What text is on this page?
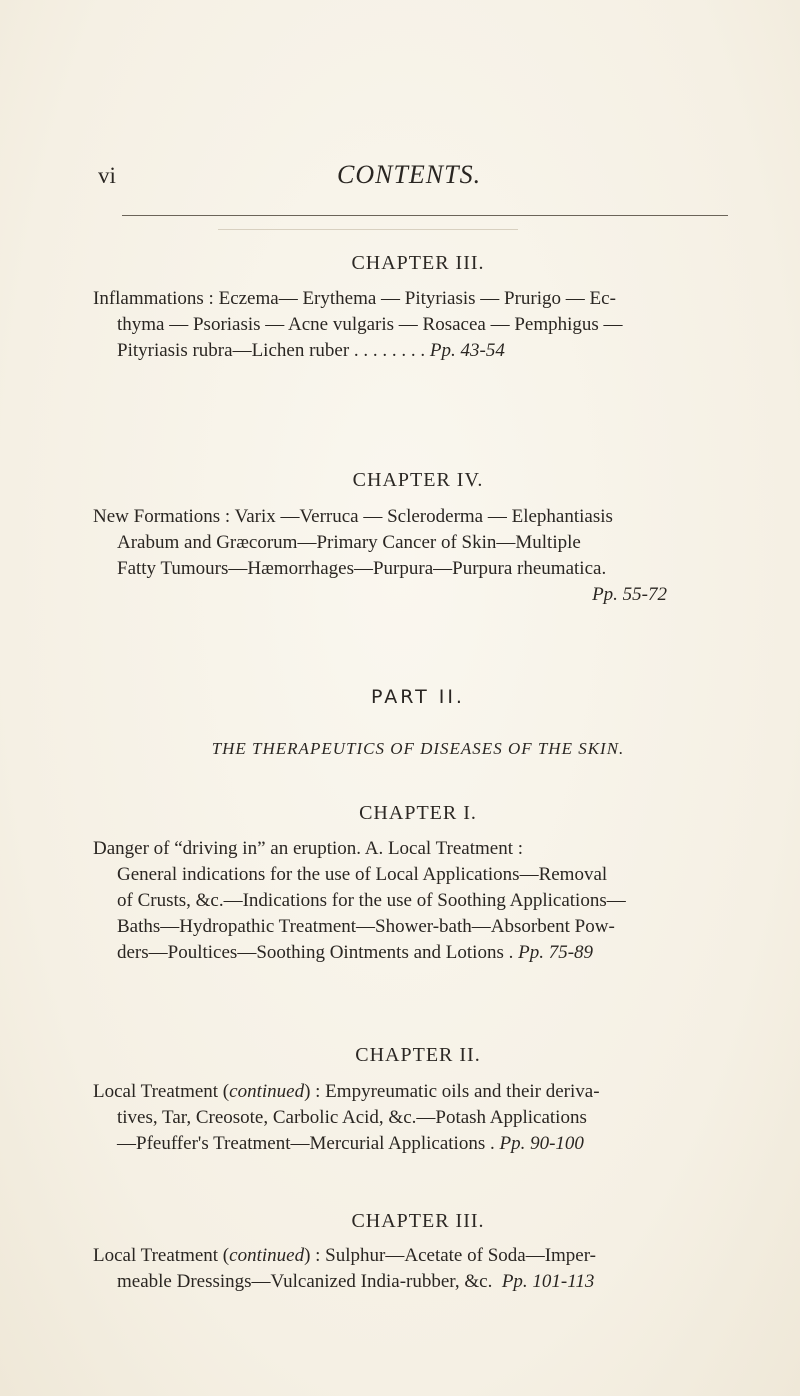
vi	CONTENTS.
CHAPTER III.
Inflammations : Eczema— Erythema — Pityriasis — Prurigo — Ec-
thyma — Psoriasis — Acne vulgaris — Rosacea — Pemphigus —
Pityriasis rubra—Lichen ruber . . . . . . . . Pp. 43-54
CHAPTER IV.
New Formations : Varix —Verruca — Scleroderma — Elephantiasis
Arabum and Græcorum—Primary Cancer of Skin—Multiple
Fatty Tumours—Hæmorrhages—Purpura—Purpura rheumatica.
Pp. 55-72
PART II.
THE THERAPEUTICS OF DISEASES OF THE SKIN.
CHAPTER I.
Danger of “driving in” an eruption. A. Local Treatment :
General indications for the use of Local Applications—Removal
of Crusts, &c.—Indications for the use of Soothing Applications—
Baths—Hydropathic Treatment—Shower-bath—Absorbent Pow-
ders—Poultices—Soothing Ointments and Lotions . Pp. 75-89
CHAPTER II.
Local Treatment (continued) : Empyreumatic oils and their deriva-
tives, Tar, Creosote, Carbolic Acid, &c.—Potash Applications
—Pfeuffer's Treatment—Mercurial Applications . Pp. 90-100
CHAPTER III.
Local Treatment (continued) : Sulphur—Acetate of Soda—Imper-
meable Dressings—Vulcanized India-rubber, &c. Pp. 101-113
